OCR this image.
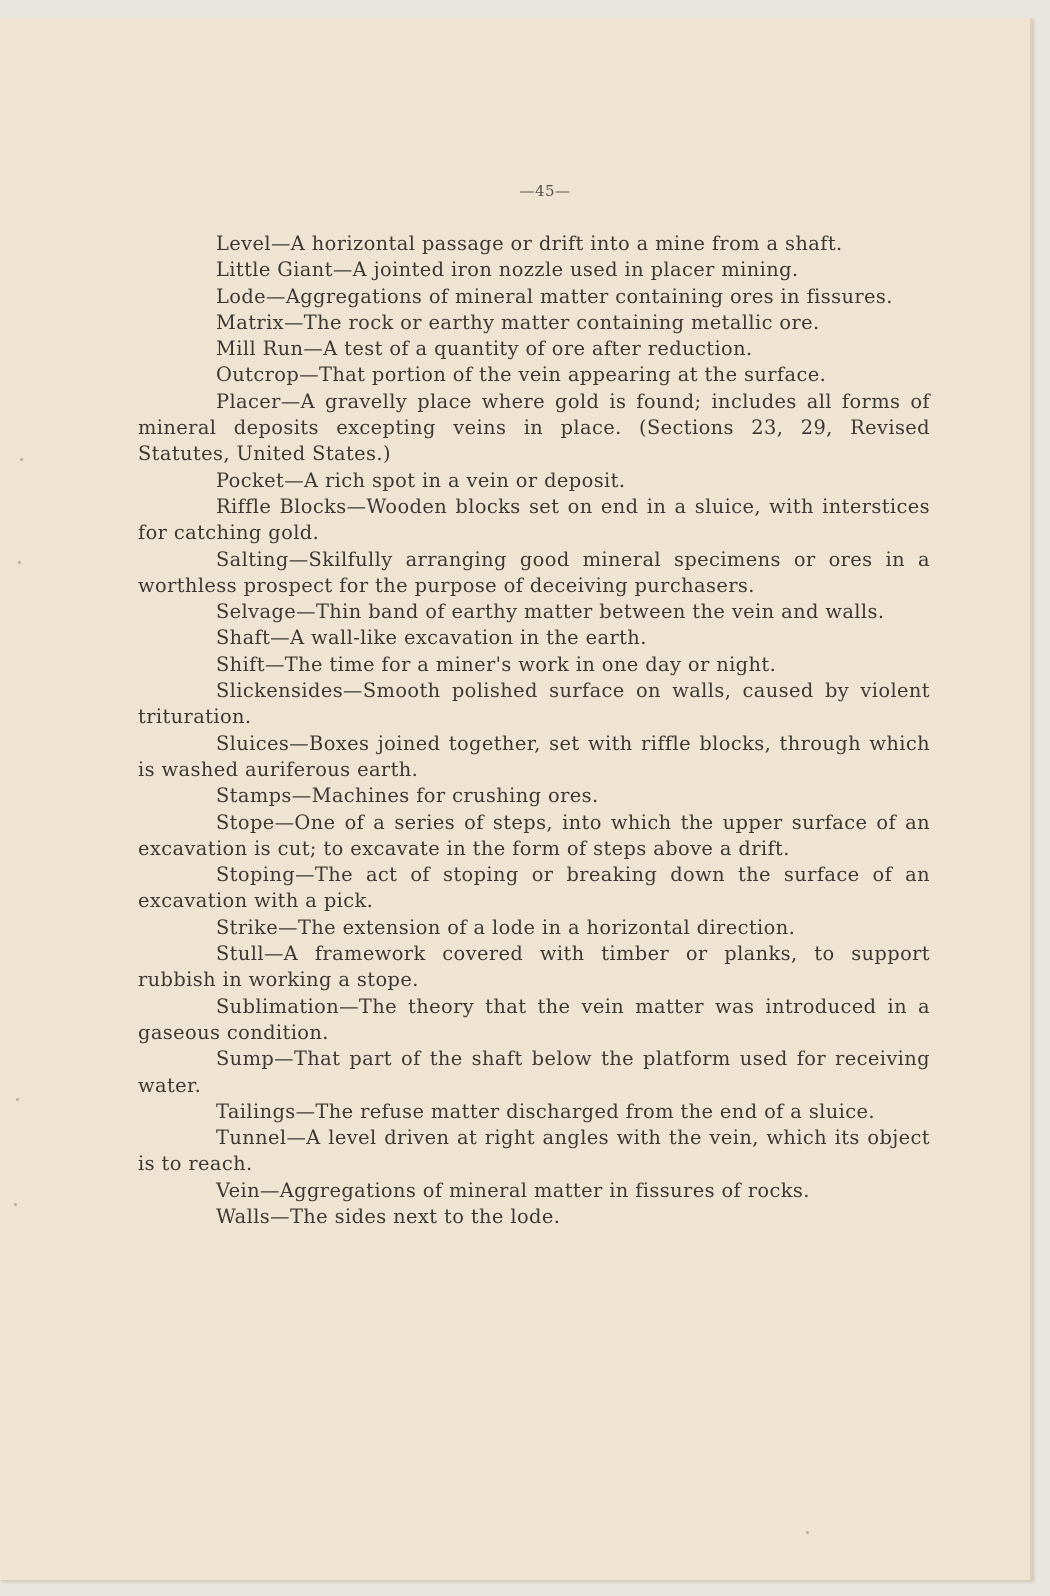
—45—

Level—A horizontal passage or drift into a mine from a shaft.

Little Giant—A jointed iron nozzle used in placer mining.

Lode—Aggregations of mineral matter containing ores in fissures.

Matrix—The rock or earthy matter containing metallic ore.

Mill Run—A test of a quantity of ore after reduction.

Outcrop—That portion of the vein appearing at the surface.

Placer—A gravelly place where gold is found; includes all forms of mineral deposits excepting veins in place. (Sections 23, 29, Revised Statutes, United States.)

Pocket—A rich spot in a vein or deposit.

Riffle Blocks—Wooden blocks set on end in a sluice, with interstices for catching gold.

Salting—Skilfully arranging good mineral specimens or ores in a worthless prospect for the purpose of deceiving purchasers.

Selvage—Thin band of earthy matter between the vein and walls.

Shaft—A wall-like excavation in the earth.

Shift—The time for a miner's work in one day or night.

Slickensides—Smooth polished surface on walls, caused by violent trituration.

Sluices—Boxes joined together, set with riffle blocks, through which is washed auriferous earth.

Stamps—Machines for crushing ores.

Stope—One of a series of steps, into which the upper surface of an excavation is cut; to excavate in the form of steps above a drift.

Stoping—The act of stoping or breaking down the surface of an excavation with a pick.

Strike—The extension of a lode in a horizontal direction.

Stull—A framework covered with timber or planks, to support rubbish in working a stope.

Sublimation—The theory that the vein matter was introduced in a gaseous condition.

Sump—That part of the shaft below the platform used for receiving water.

Tailings—The refuse matter discharged from the end of a sluice.

Tunnel—A level driven at right angles with the vein, which its object is to reach.

Vein—Aggregations of mineral matter in fissures of rocks.

Walls—The sides next to the lode.
